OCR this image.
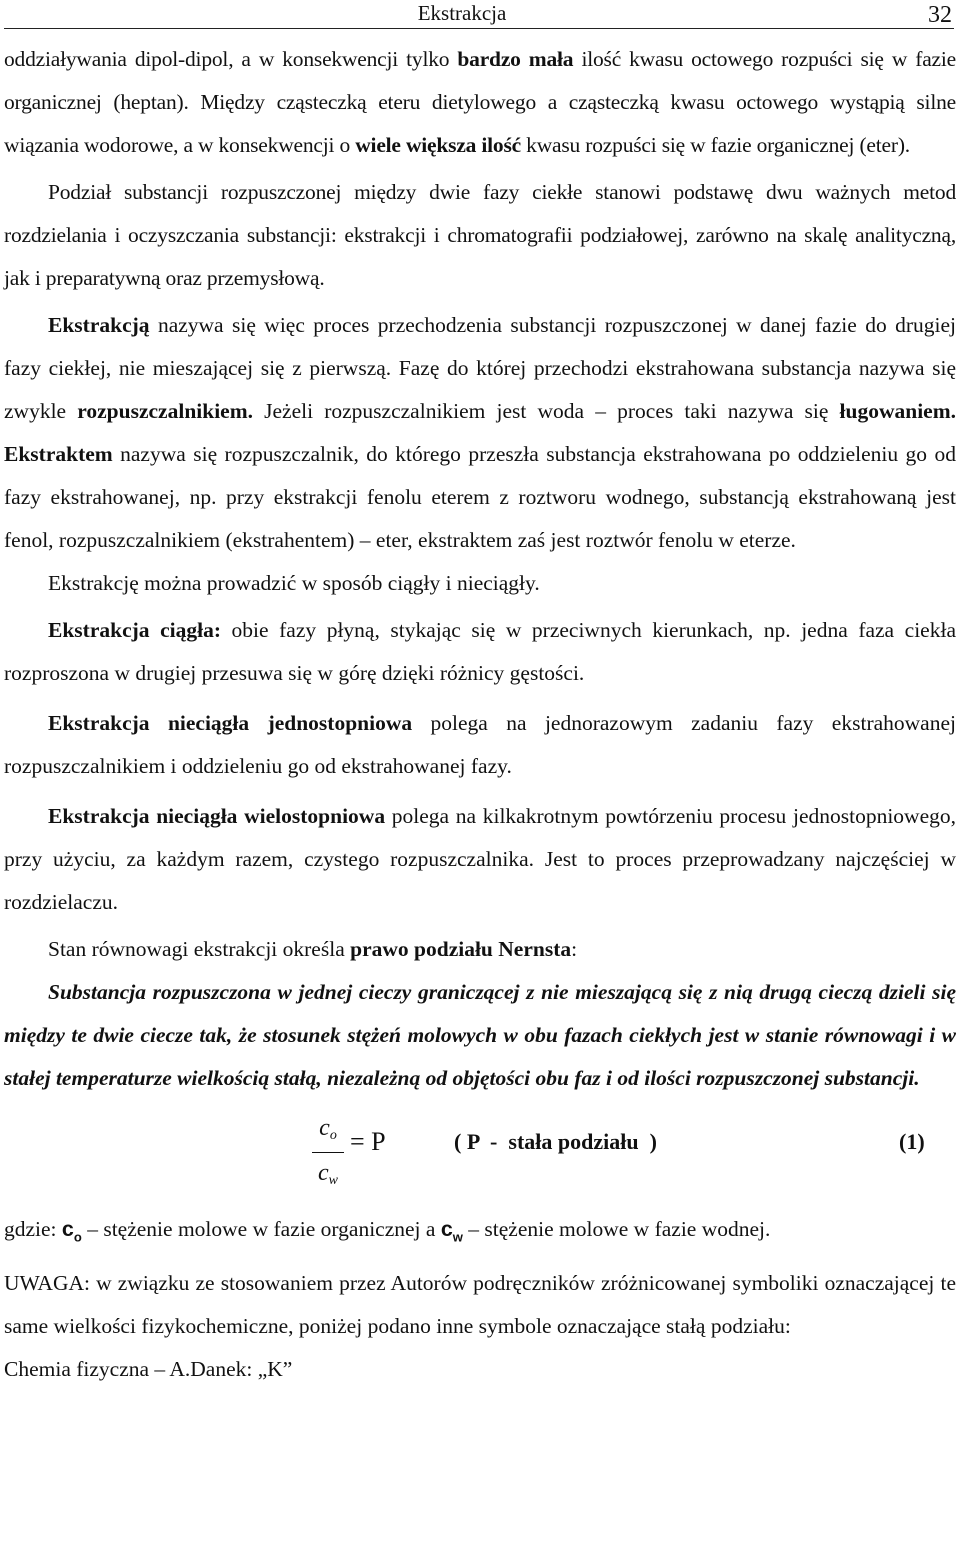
Ekstrakcja	32

oddziaływania dipol-dipol, a w konsekwencji tylko bardzo mała ilość kwasu octowego rozpuści się w fazie organicznej (heptan). Między cząsteczką eteru dietylowego a cząsteczką kwasu octowego wystąpią silne wiązania wodorowe, a w konsekwencji o wiele większa ilość kwasu rozpuści się w fazie organicznej (eter).

Podział substancji rozpuszczonej między dwie fazy ciekłe stanowi podstawę dwu ważnych metod rozdzielania i oczyszczania substancji: ekstrakcji i chromatografii podziałowej, zarówno na skalę analityczną, jak i preparatywną oraz przemysłową.

Ekstrakcją nazywa się więc proces przechodzenia substancji rozpuszczonej w danej fazie do drugiej fazy ciekłej, nie mieszającej się z pierwszą. Fazę do której przechodzi ekstrahowana substancja nazywa się zwykle rozpuszczalnikiem. Jeżeli rozpuszczalnikiem jest woda – proces taki nazywa się ługowaniem. Ekstraktem nazywa się rozpuszczalnik, do którego przeszła substancja ekstrahowana po oddzieleniu go od fazy ekstrahowanej, np. przy ekstrakcji fenolu eterem z roztworu wodnego, substancją ekstrahowaną jest fenol, rozpuszczalnikiem (ekstrahentem) – eter, ekstraktem zaś jest roztwór fenolu w eterze.

Ekstrakcję można prowadzić w sposób ciągły i nieciągły.

Ekstrakcja ciągła: obie fazy płyną, stykając się w przeciwnych kierunkach, np. jedna faza ciekła rozproszona w drugiej przesuwa się w górę dzięki różnicy gęstości.

Ekstrakcja nieciągła jednostopniowa polega na jednorazowym zadaniu fazy ekstrahowanej rozpuszczalnikiem i oddzieleniu go od ekstrahowanej fazy.

Ekstrakcja nieciągła wielostopniowa polega na kilkakrotnym powtórzeniu procesu jednostopniowego, przy użyciu, za każdym razem, czystego rozpuszczalnika. Jest to proces przeprowadzany najczęściej w rozdzielaczu.

Stan równowagi ekstrakcji określa prawo podziału Nernsta:

Substancja rozpuszczona w jednej cieczy graniczącej z nie mieszającą się z nią drugą cieczą dzieli się między te dwie ciecze tak, że stosunek stężeń molowych w obu fazach ciekłych jest w stanie równowagi i w stałej temperaturze wielkością stałą, niezależną od objętości obu faz i od ilości rozpuszczonej substancji.

$c_o$
$c_w$
= P	( P  -  stała podziału  )	(1)

gdzie: $c_o$ – stężenie molowe w fazie organicznej a $c_w$ – stężenie molowe w fazie wodnej.

UWAGA: w związku ze stosowaniem przez Autorów podręczników zróżnicowanej symboliki oznaczającej te same wielkości fizykochemiczne, poniżej podano inne symbole oznaczające stałą podziału:

Chemia fizyczna – A.Danek: „K”
